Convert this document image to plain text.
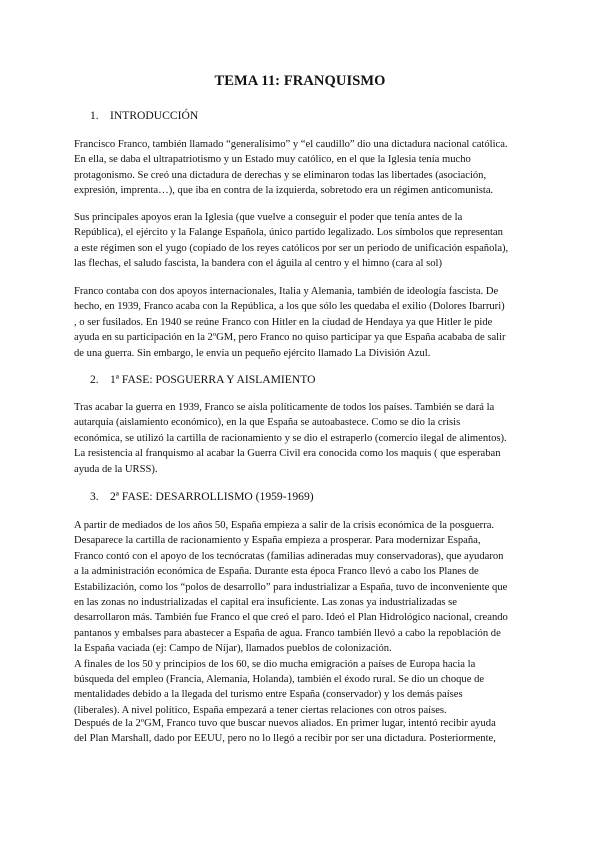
TEMA 11: FRANQUISMO
1. INTRODUCCIÓN

Francisco Franco, también llamado “generalísimo” y “el caudillo” dio una dictadura nacional católica.
En ella, se daba el ultrapatriotismo y un Estado muy católico, en el que la Iglesia tenía mucho
protagonismo. Se creó una dictadura de derechas y se eliminaron todas las libertades (asociación,
expresión, imprenta…), que iba en contra de la izquierda, sobretodo era un régimen anticomunista.

Sus principales apoyos eran la Iglesia (que vuelve a conseguir el poder que tenía antes de la
República), el ejército y la Falange Española, único partido legalizado. Los símbolos que representan
a este régimen son el yugo (copiado de los reyes católicos por ser un periodo de unificación española),
las flechas, el saludo fascista, la bandera con el águila al centro y el himno (cara al sol)

Franco contaba con dos apoyos internacionales, Italia y Alemania, también de ideología fascista. De
hecho, en 1939, Franco acaba con la República, a los que sólo les quedaba el exilio (Dolores Ibarruri)
, o ser fusilados. En 1940 se reúne Franco con Hitler en la ciudad de Hendaya ya que Hitler le pide
ayuda en su participación en la 2ºGM, pero Franco no quiso participar ya que España acababa de salir
de una guerra. Sin embargo, le envía un pequeño ejército llamado La División Azul.

2. 1ª FASE: POSGUERRA Y AISLAMIENTO

Tras acabar la guerra en 1939, Franco se aísla políticamente de todos los países. También se dará la
autarquía (aislamiento económico), en la que España se autoabastece. Como se dio la crisis
económica, se utilizó la cartilla de racionamiento y se dio el estraperlo (comercio ilegal de alimentos).
La resistencia al franquismo al acabar la Guerra Civil era conocida como los maquis ( que esperaban
ayuda de la URSS).

3. 2ª FASE: DESARROLLISMO (1959-1969)

A partir de mediados de los años 50, España empieza a salir de la crisis económica de la posguerra.
Desaparece la cartilla de racionamiento y España empieza a prosperar. Para modernizar España,
Franco contó con el apoyo de los tecnócratas (familias adineradas muy conservadoras), que ayudaron
a la administración económica de España. Durante esta época Franco llevó a cabo los Planes de
Estabilización, como los “polos de desarrollo” para industrializar a España, tuvo de inconveniente que
en las zonas no industrializadas el capital era insuficiente. Las zonas ya industrializadas se
desarrollaron más. También fue Franco el que creó el paro. Ideó el Plan Hidrológico nacional, creando
pantanos y embalses para abastecer a España de agua. Franco también llevó a cabo la repoblación de
la España vaciada (ej: Campo de Níjar), llamados pueblos de colonización.
A finales de los 50 y principios de los 60, se dio mucha emigración a países de Europa hacia la
búsqueda del empleo (Francia, Alemania, Holanda), también el éxodo rural. Se dio un choque de
mentalidades debido a la llegada del turismo entre España (conservador) y los demás países
(liberales). A nivel político, España empezará a tener ciertas relaciones con otros países.

Después de la 2ºGM, Franco tuvo que buscar nuevos aliados. En primer lugar, intentó recibir ayuda
del Plan Marshall, dado por EEUU, pero no lo llegó a recibir por ser una dictadura. Posteriormente,
